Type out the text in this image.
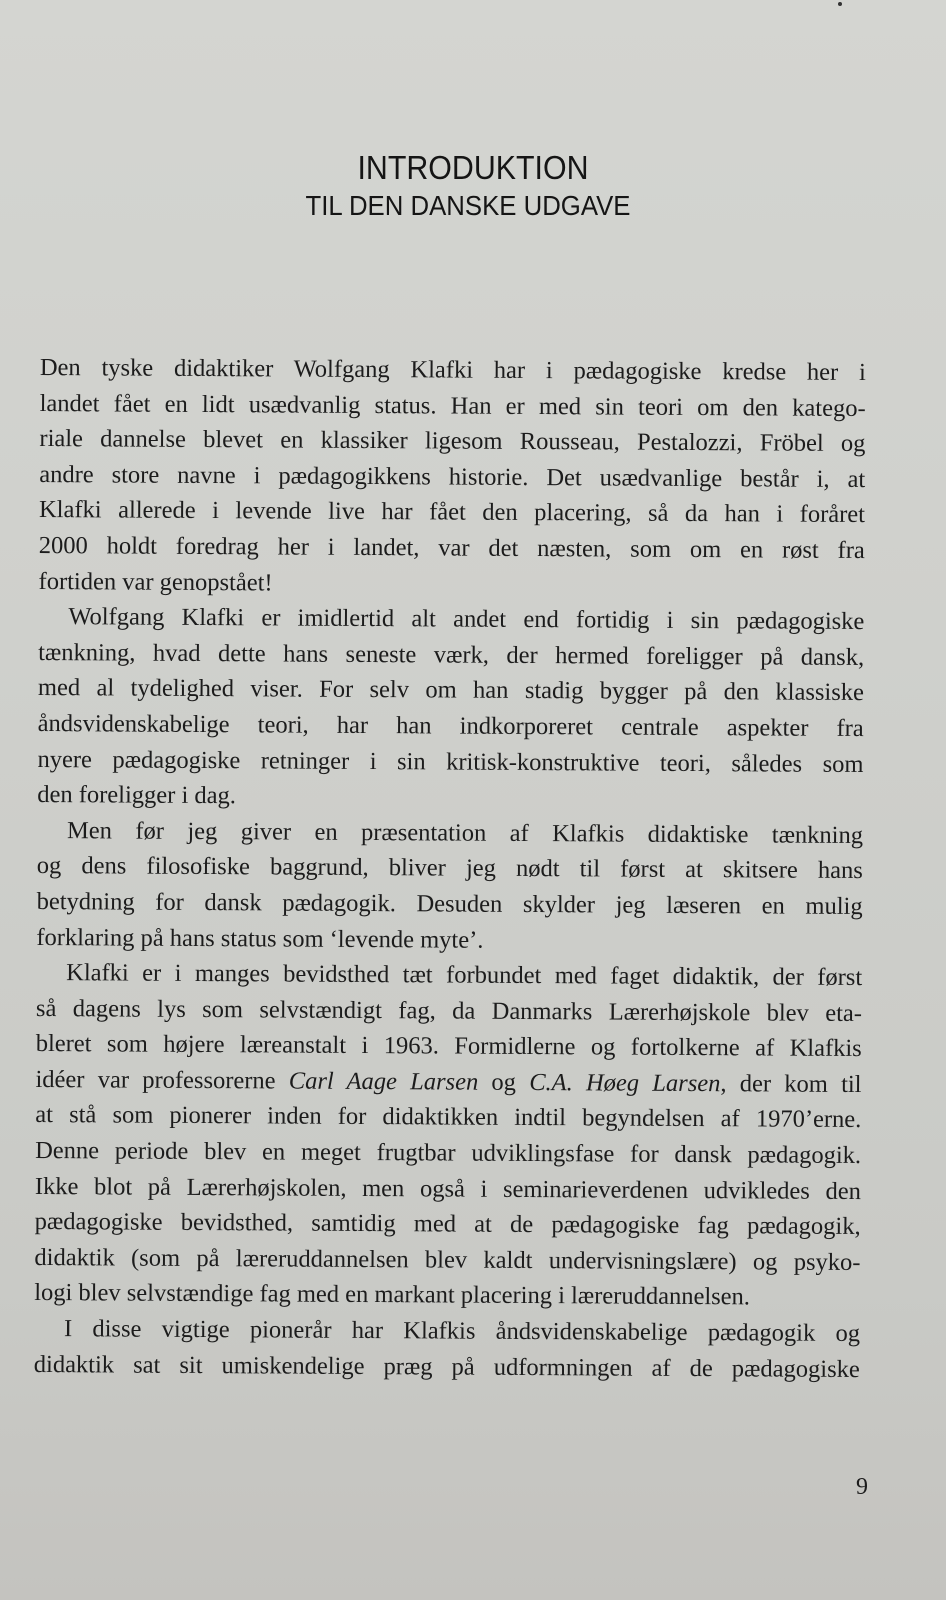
INTRODUKTION
TIL DEN DANSKE UDGAVE

Den tyske didaktiker Wolfgang Klafki har i pædagogiske kredse her i
landet fået en lidt usædvanlig status. Han er med sin teori om den katego-
riale dannelse blevet en klassiker ligesom Rousseau, Pestalozzi, Fröbel og
andre store navne i pædagogikkens historie. Det usædvanlige består i, at
Klafki allerede i levende live har fået den placering, så da han i foråret
2000 holdt foredrag her i landet, var det næsten, som om en røst fra
fortiden var genopstået!

Wolfgang Klafki er imidlertid alt andet end fortidig i sin pædagogiske
tænkning, hvad dette hans seneste værk, der hermed foreligger på dansk,
med al tydelighed viser. For selv om han stadig bygger på den klassiske
åndsvidenskabelige teori, har han indkorporeret centrale aspekter fra
nyere pædagogiske retninger i sin kritisk-konstruktive teori, således som
den foreligger i dag.

Men før jeg giver en præsentation af Klafkis didaktiske tænkning
og dens filosofiske baggrund, bliver jeg nødt til først at skitsere hans
betydning for dansk pædagogik. Desuden skylder jeg læseren en mulig
forklaring på hans status som ‘levende myte’.

Klafki er i manges bevidsthed tæt forbundet med faget didaktik, der først
så dagens lys som selvstændigt fag, da Danmarks Lærerhøjskole blev eta-
bleret som højere læreanstalt i 1963. Formidlerne og fortolkerne af Klafkis
idéer var professorerne Carl Aage Larsen og C.A. Høeg Larsen, der kom til
at stå som pionerer inden for didaktikken indtil begyndelsen af 1970’erne.
Denne periode blev en meget frugtbar udviklingsfase for dansk pædagogik.
Ikke blot på Lærerhøjskolen, men også i seminarieverdenen udvikledes den
pædagogiske bevidsthed, samtidig med at de pædagogiske fag pædagogik,
didaktik (som på læreruddannelsen blev kaldt undervisningslære) og psyko-
logi blev selvstændige fag med en markant placering i læreruddannelsen.

I disse vigtige pionerår har Klafkis åndsvidenskabelige pædagogik og
didaktik sat sit umiskendelige præg på udformningen af de pædagogiske

9
